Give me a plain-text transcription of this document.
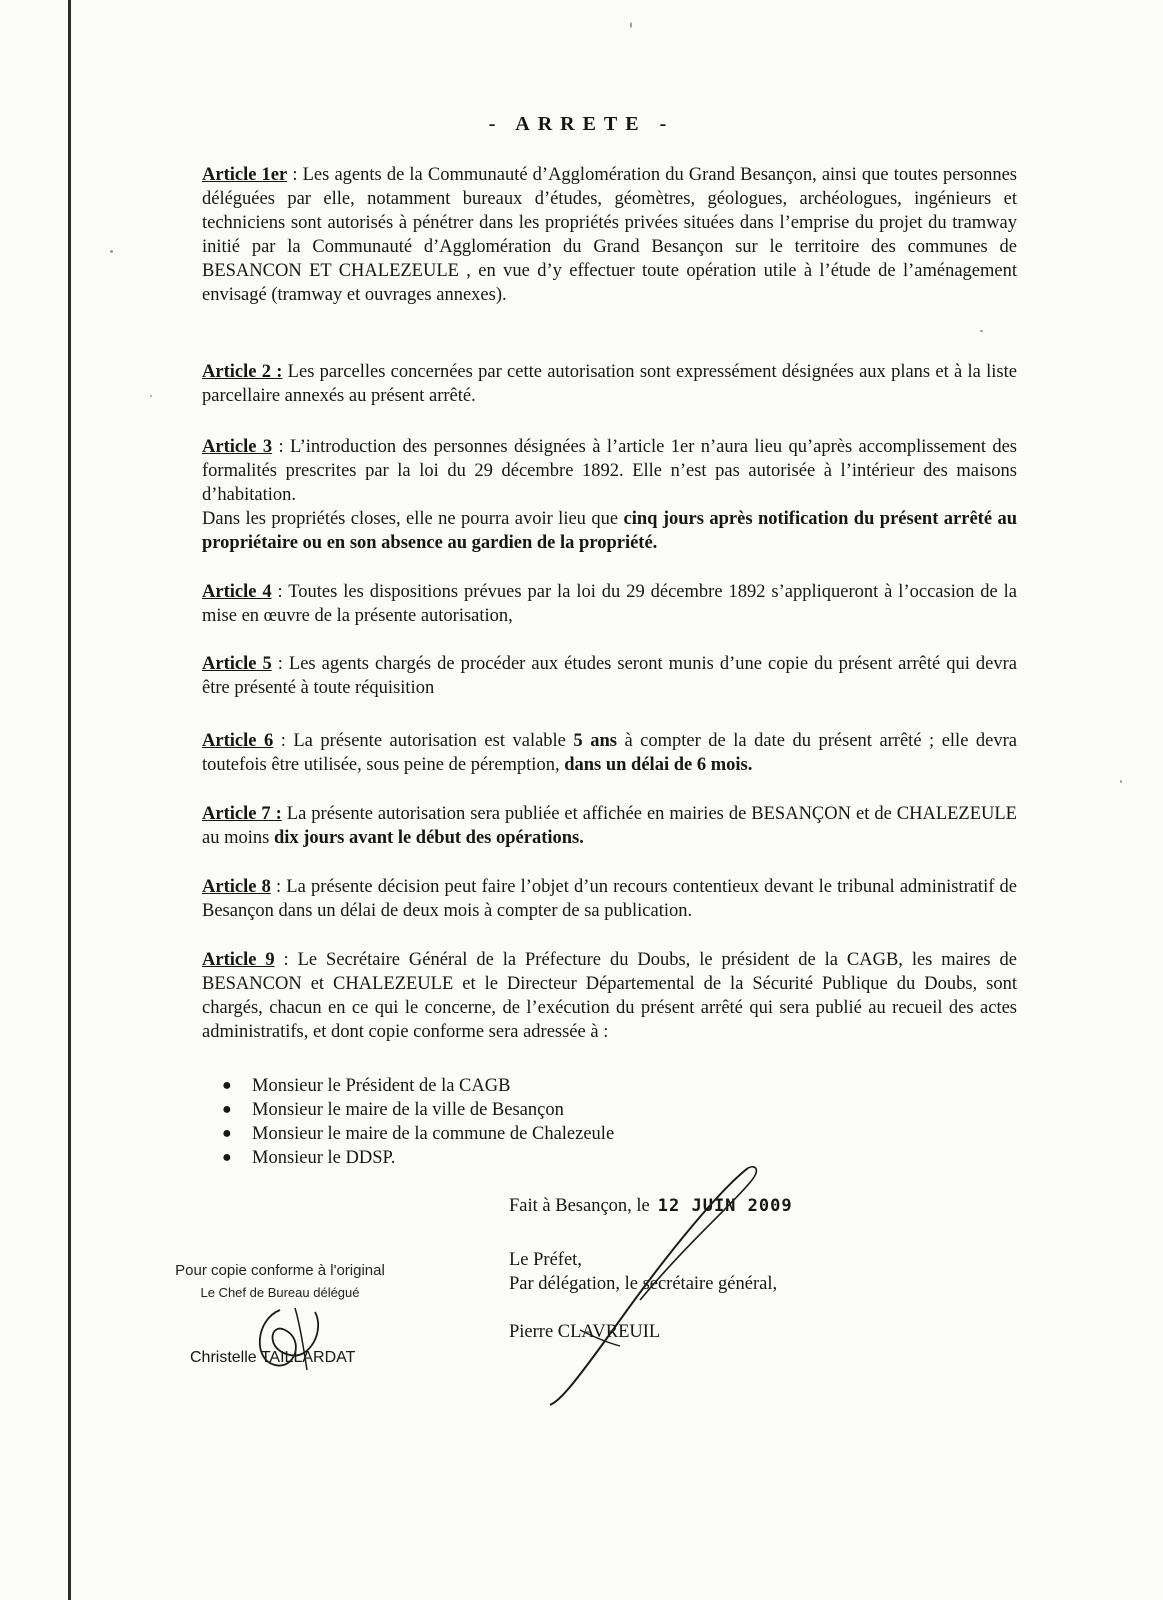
- ARRETE -
Article 1er : Les agents de la Communauté d’Agglomération du Grand Besançon, ainsi que toutes personnes déléguées par elle, notamment bureaux d’études, géomètres, géologues, archéologues, ingénieurs et techniciens sont autorisés à pénétrer dans les propriétés privées situées dans l’emprise du projet du tramway initié par la Communauté d’Agglomération du Grand Besançon sur le territoire des communes de BESANCON ET CHALEZEULE , en vue d’y effectuer toute opération utile à l’étude de l’aménagement envisagé (tramway et ouvrages annexes).
Article 2 : Les parcelles concernées par cette autorisation sont expressément désignées aux plans et à la liste parcellaire annexés au présent arrêté.
Article 3 : L’introduction des personnes désignées à l’article 1er n’aura lieu qu’après accomplissement des formalités prescrites par la loi du 29 décembre 1892. Elle n’est pas autorisée à l’intérieur des maisons d’habitation.
Dans les propriétés closes, elle ne pourra avoir lieu que cinq jours après notification du présent arrêté au propriétaire ou en son absence au gardien de la propriété.
Article 4 : Toutes les dispositions prévues par la loi du 29 décembre 1892 s’appliqueront à l’occasion de la mise en œuvre de la présente autorisation,
Article 5 : Les agents chargés de procéder aux études seront munis d’une copie du présent arrêté qui devra être présenté à toute réquisition
Article 6 : La présente autorisation est valable 5 ans à compter de la date du présent arrêté ; elle devra toutefois être utilisée, sous peine de péremption, dans un délai de 6 mois.
Article 7 : La présente autorisation sera publiée et affichée en mairies de BESANÇON et de CHALEZEULE au moins dix jours avant le début des opérations.
Article 8 : La présente décision peut faire l’objet d’un recours contentieux devant le tribunal administratif de Besançon dans un délai de deux mois à compter de sa publication.
Article 9 : Le Secrétaire Général de la Préfecture du Doubs, le président de la CAGB, les maires de BESANCON et CHALEZEULE et le Directeur Départemental de la Sécurité Publique du Doubs, sont chargés, chacun en ce qui le concerne, de l’exécution du présent arrêté qui sera publié au recueil des actes administratifs, et dont copie conforme sera adressée à :
● Monsieur le Président de la CAGB
● Monsieur le maire de la ville de Besançon
● Monsieur le maire de la commune de Chalezeule
● Monsieur le DDSP.
Fait à Besançon, le 12 JUIN 2009
Le Préfet,
Par délégation, le secrétaire général,
Pierre CLAVREUIL
Pour copie conforme à l'original
Le Chef de Bureau délégué
Christelle TAILLARDAT
